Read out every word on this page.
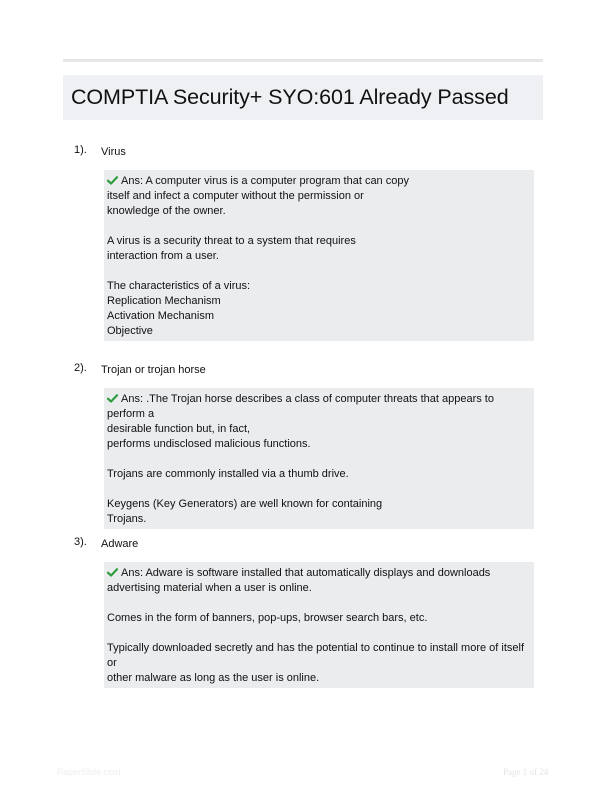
COMPTIA Security+ SYO:601 Already Passed
1). Virus

Ans: A computer virus is a computer program that can copy
itself and infect a computer without the permission or
knowledge of the owner.

A virus is a security threat to a system that requires
interaction from a user.

The characteristics of a virus:
Replication Mechanism
Activation Mechanism
Objective

2). Trojan or trojan horse

Ans: .The Trojan horse describes a class of computer threats that appears to perform a
desirable function but, in fact,
performs undisclosed malicious functions.

Trojans are commonly installed via a thumb drive.

Keygens (Key Generators) are well known for containing
Trojans.

3). Adware

Ans: Adware is software installed that automatically displays and downloads
advertising material when a user is online.

Comes in the form of banners, pop-ups, browser search bars, etc.

Typically downloaded secretly and has the potential to continue to install more of itself or
other malware as long as the user is online.

PaperSlide.com	Page 1 of 24
